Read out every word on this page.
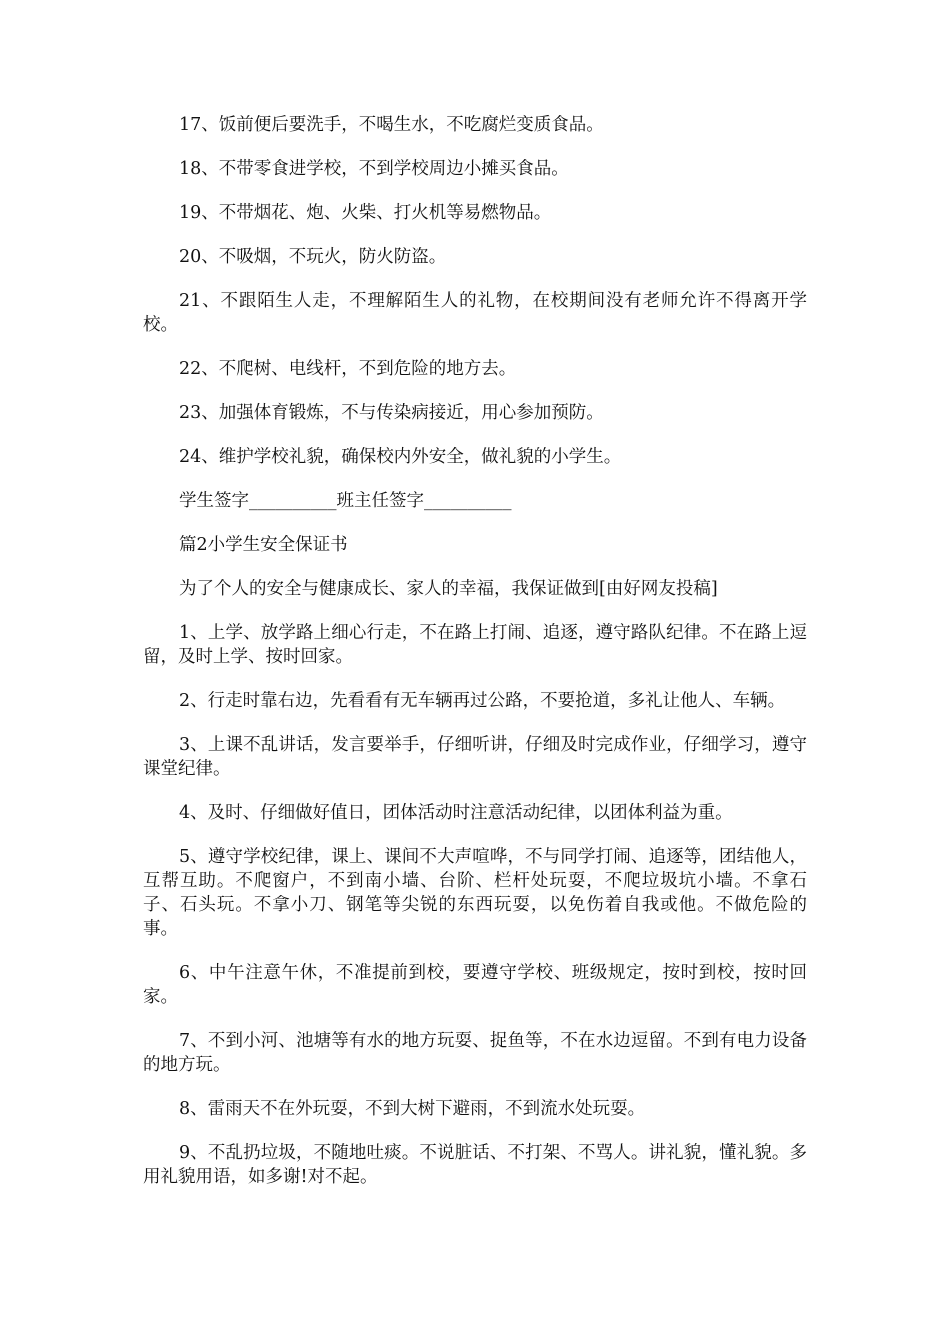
17、饭前便后要洗手，不喝生水，不吃腐烂变质食品。

18、不带零食进学校，不到学校周边小摊买食品。

19、不带烟花、炮、火柴、打火机等易燃物品。

20、不吸烟，不玩火，防火防盗。

21、不跟陌生人走，不理解陌生人的礼物，在校期间没有老师允许不得离开学校。

22、不爬树、电线杆，不到危险的地方去。

23、加强体育锻炼，不与传染病接近，用心参加预防。

24、维护学校礼貌，确保校内外安全，做礼貌的小学生。

学生签字__________班主任签字__________

篇2小学生安全保证书

为了个人的安全与健康成长、家人的幸福，我保证做到[由好网友投稿]

1、上学、放学路上细心行走，不在路上打闹、追逐，遵守路队纪律。不在路上逗留，及时上学、按时回家。

2、行走时靠右边，先看看有无车辆再过公路，不要抢道，多礼让他人、车辆。

3、上课不乱讲话，发言要举手，仔细听讲，仔细及时完成作业，仔细学习，遵守课堂纪律。

4、及时、仔细做好值日，团体活动时注意活动纪律，以团体利益为重。

5、遵守学校纪律，课上、课间不大声喧哗，不与同学打闹、追逐等，团结他人，互帮互助。不爬窗户，不到南小墙、台阶、栏杆处玩耍，不爬垃圾坑小墙。不拿石子、石头玩。不拿小刀、钢笔等尖锐的东西玩耍，以免伤着自我或他。不做危险的事。

6、中午注意午休，不准提前到校，要遵守学校、班级规定，按时到校，按时回家。

7、不到小河、池塘等有水的地方玩耍、捉鱼等，不在水边逗留。不到有电力设备的地方玩。

8、雷雨天不在外玩耍，不到大树下避雨，不到流水处玩耍。

9、不乱扔垃圾，不随地吐痰。不说脏话、不打架、不骂人。讲礼貌，懂礼貌。多用礼貌用语，如多谢!对不起。
